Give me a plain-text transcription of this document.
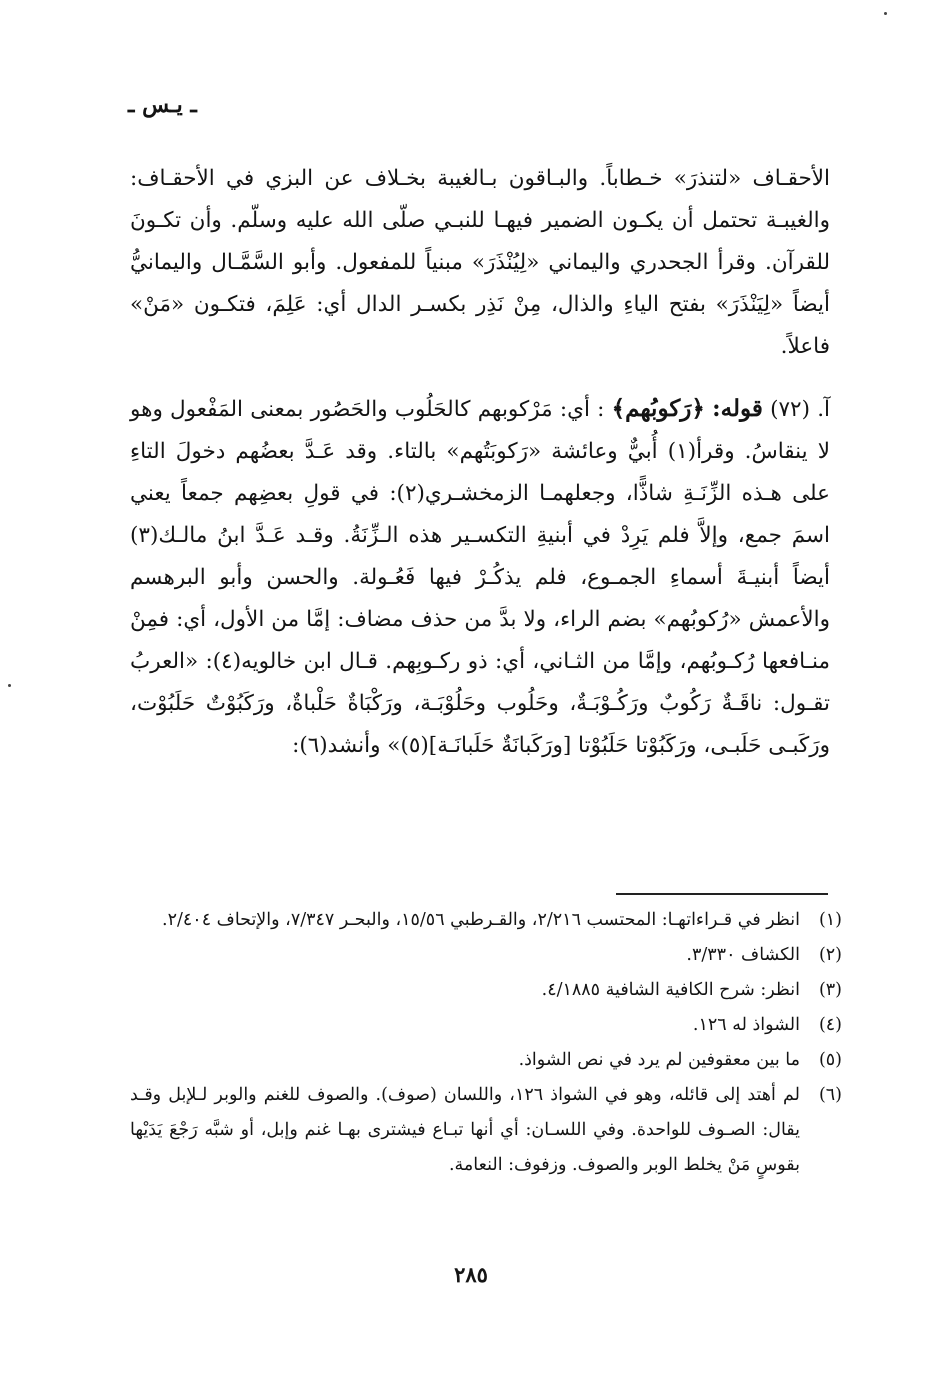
ـ يـس ـ

الأحقـاف «لتنذرَ» خـطاباً. والبـاقون بـالغيبة بخـلاف عن البزي في الأحقـاف: والغيبـة تحتمل أن يكـون الضمير فيهـا للنبـي صلّى الله عليه وسلّم. وأن تكـونَ للقرآن. وقرأ الجحدري واليماني «لِيُنْذَرَ» مبنياً للمفعول. وأبو السَّمَّـال واليمانيُّ أيضاً «لِيَنْذَرَ» بفتح الياءِ والذال، مِنْ نَذِر بكسـر الدال أي: عَلِمَ، فتكـون «مَنْ» فاعلاً.

آ. (٧٢) قوله: ﴿رَكوبُهم﴾ : أي: مَرْكوبهم كالحَلُوب والحَصُور بمعنى المَفْعول وهو لا ينقاسُ. وقرأ(١) أُبيٌّ وعائشة «رَكوبَتُهم» بالتاء. وقد عَـدَّ بعضُهم دخولَ التاءِ على هـذه الزِّنَـةِ شاذًّا، وجعلهمـا الزمخشـري(٢): في قولِ بعضِهم جمعاً يعني اسمَ جمع، وإلاَّ فلم يَرِدْ في أبنيةِ التكسـير هذه الـزِّنَةُ. وقـد عَـدَّ ابنُ مالـك(٣) أيضاً أبنيـةَ أسماءِ الجمـوع، فلم يذكُـرْ فيها فَعُـولة. والحسن وأبو البرهسم والأعمش «رُكوبُهم» بضم الراء، ولا بدَّ من حذف مضاف: إمَّا من الأول، أي: فمِنْ منـافعها رُكـوبُهم، وإمَّا من الثـاني، أي: ذو ركـوبِهم. قـال ابن خالويه(٤): «العربُ تقـول: ناقَـةٌ رَكُوبٌ ورَكُـوْبَـةٌ، وحَلُوب وحَلُوْبَـة، ورَكْبَاةٌ حَلْباةٌ، ورَكَبُوْتٌ حَلَبُوْت، ورَكَبـى حَلَبـى، ورَكَبُوْتا حَلَبُوْتا [ورَكَبانَةٌ حَلَبانَـة](٥)» وأنشد(٦):

(١)
انظر في قـراءاتهـا: المحتسب ٢/٢١٦، والقـرطبي ١٥/٥٦، والبحـر ٧/٣٤٧، والإتحاف ٢/٤٠٤.
(٢)
الكشاف ٣/٣٣٠.
(٣)
انظر: شرح الكافية الشافية ٤/١٨٨٥.
(٤)
الشواذ له ١٢٦.
(٥)
ما بين معقوفين لم يرد في نص الشواذ.
(٦)
لم أهتد إلى قائله، وهو في الشواذ ١٢٦، واللسان (صوف). والصوف للغنم والوبر لـلإبل وقـد يقال: الصـوف للواحدة. وفي اللسـان: أي أنها تبـاع فيشترى بهـا غنم وإبل، أو شبَّه رَجْعَ يَدَيْها بقوسٍ مَنْ يخلط الوبر والصوف. وزفوف: النعامة.
٢٨٥
